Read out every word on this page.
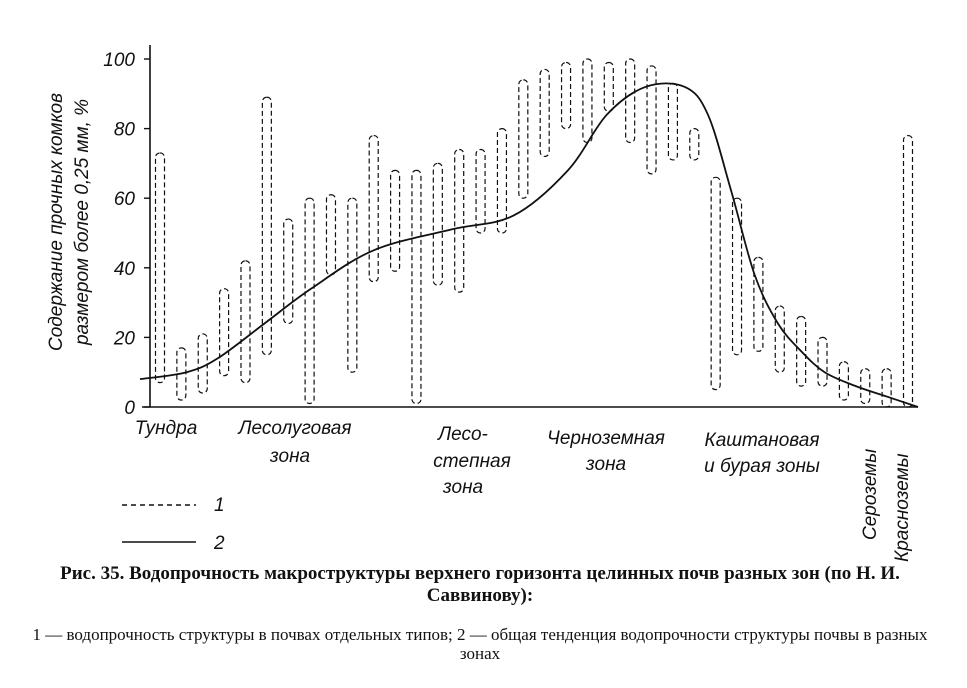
0
20
40
60
80
100
Содержание прочных комков размером более 0,25 мм, %
Тундра Лесолуговая
зона
Лесо-
степная
зона
Черноземная
зона
Каштановая
и бурая зоны Сероземы Красноземы
1
2
Рис. 35. Водопрочность макроструктуры верхнего горизонта целинных почв разных зон (по Н. И. Саввинову):
1 — водопрочность структуры в почвах отдельных типов; 2 — общая тенденция водопрочности структуры почвы в разных зонах
